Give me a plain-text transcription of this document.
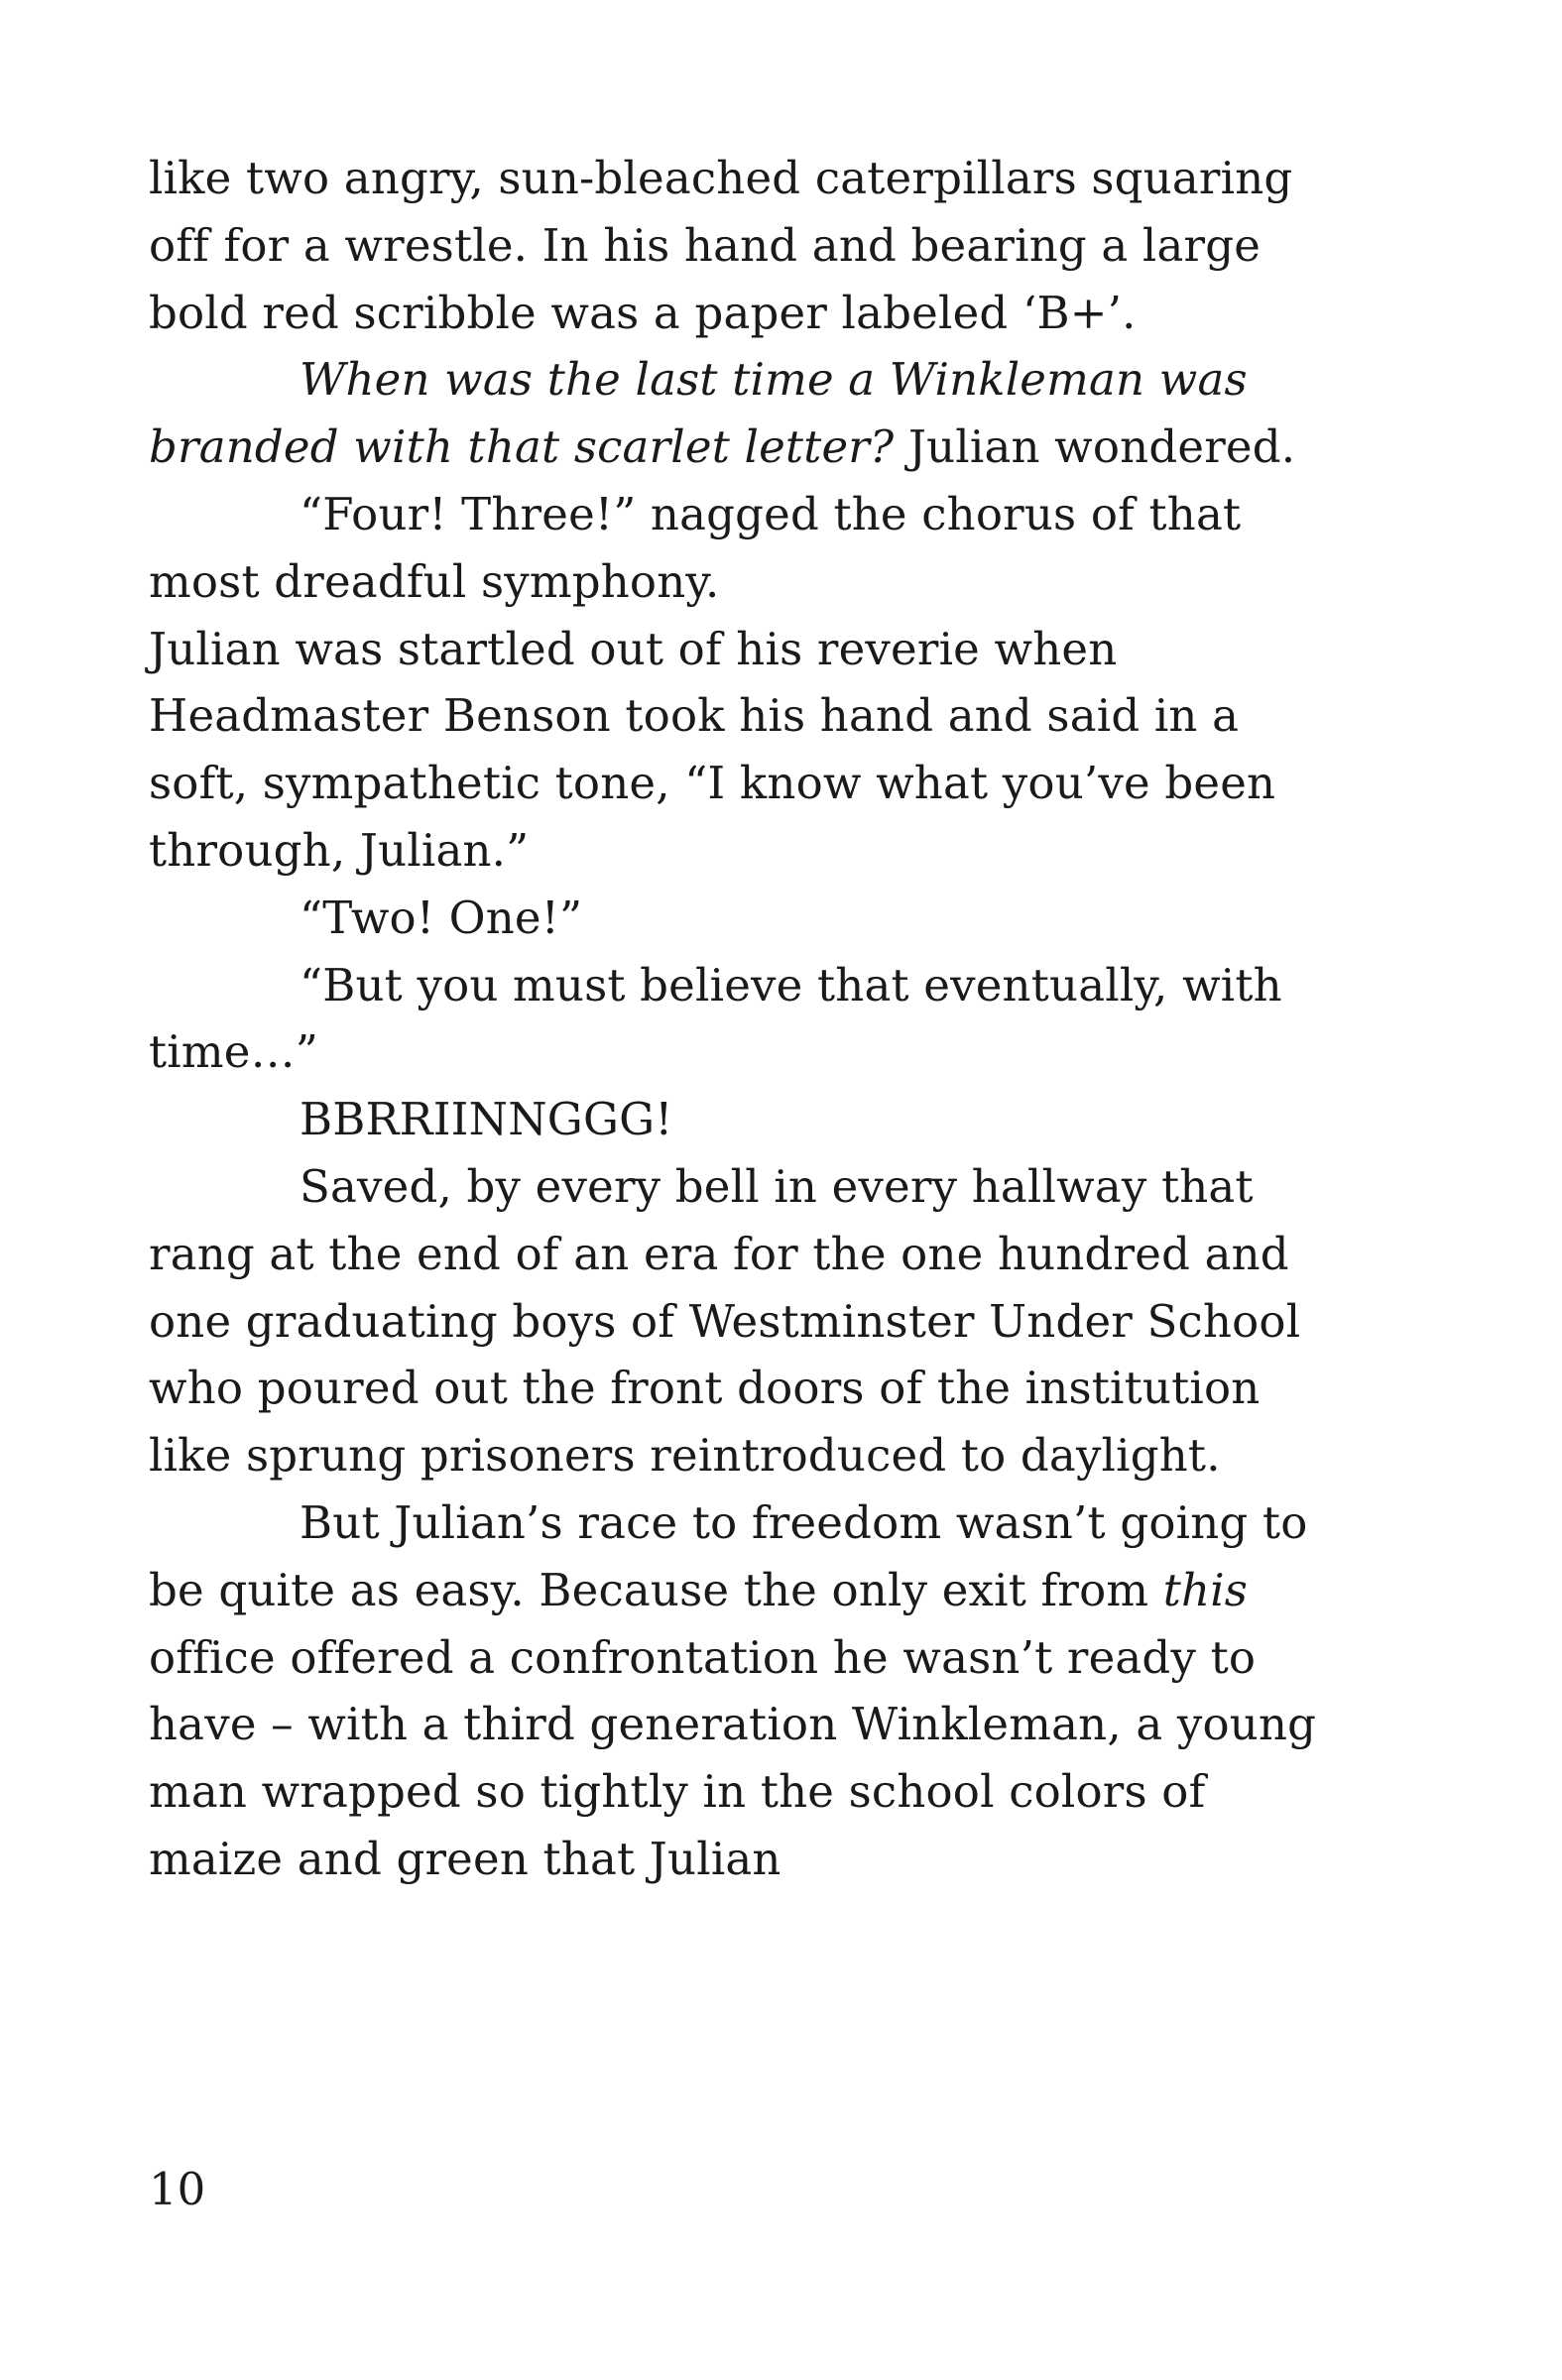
like two angry, sun-bleached caterpillars squaring off for a wrestle. In his hand and bearing a large bold red scribble was a paper labeled ‘B+’.

When was the last time a Winkleman was branded with that scarlet letter? Julian wondered.

“Four! Three!” nagged the chorus of that most dreadful symphony.

Julian was startled out of his reverie when Headmaster Benson took his hand and said in a soft, sympathetic tone, “I know what you’ve been through, Julian.”

“Two! One!”

“But you must believe that eventually, with time…”

BBRRIINNGGG!

Saved, by every bell in every hallway that rang at the end of an era for the one hundred and one graduating boys of Westminster Under School who poured out the front doors of the institution like sprung prisoners reintroduced to daylight.

But Julian’s race to freedom wasn’t going to be quite as easy. Because the only exit from this office offered a confrontation he wasn’t ready to have – with a third generation Winkleman, a young man wrapped so tightly in the school colors of maize and green that Julian

10
